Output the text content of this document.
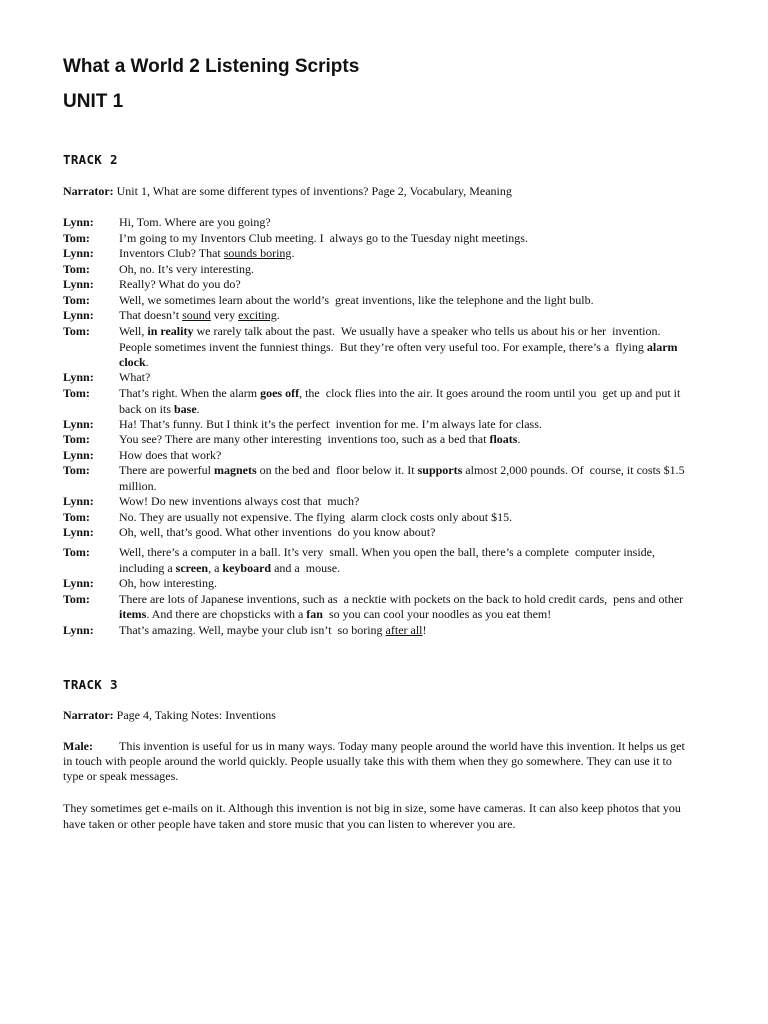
What a World 2 Listening Scripts
UNIT 1
TRACK 2
Narrator: Unit 1, What are some different types of inventions? Page 2, Vocabulary, Meaning
Lynn: Hi, Tom. Where are you going?
Tom: I’m going to my Inventors Club meeting. I  always go to the Tuesday night meetings.
Lynn: Inventors Club? That sounds boring.
Tom: Oh, no. It’s very interesting.
Lynn: Really? What do you do?
Tom: Well, we sometimes learn about the world’s  great inventions, like the telephone and the light bulb.
Lynn: That doesn’t sound very exciting.
Tom: Well, in reality we rarely talk about the past.  We usually have a speaker who tells us about his or her  invention.
People sometimes invent the funniest things.  But they’re often very useful too. For example, there’s a  flying alarm
clock.
Lynn: What?
Tom: That’s right. When the alarm goes off, the  clock flies into the air. It goes around the room until you  get up and put it
back on its base.
Lynn: Ha! That’s funny. But I think it’s the perfect  invention for me. I’m always late for class.
Tom: You see? There are many other interesting  inventions too, such as a bed that floats.
Lynn: How does that work?
Tom: There are powerful magnets on the bed and  floor below it. It supports almost 2,000 pounds. Of  course, it costs $1.5
million.
Lynn: Wow! Do new inventions always cost that  much?
Tom: No. They are usually not expensive. The flying  alarm clock costs only about $15.
Lynn: Oh, well, that’s good. What other inventions  do you know about?
Tom: Well, there’s a computer in a ball. It’s very  small. When you open the ball, there’s a complete  computer inside,
including a screen, a keyboard and a  mouse.
Lynn: Oh, how interesting.
Tom: There are lots of Japanese inventions, such as  a necktie with pockets on the back to hold credit cards,  pens and other
items. And there are chopsticks with a fan  so you can cool your noodles as you eat them!
Lynn: That’s amazing. Well, maybe your club isn’t  so boring after all!
TRACK 3
Narrator: Page 4, Taking Notes: Inventions
Male: This invention is useful for us in many ways. Today many people around the world have this invention. It helps us get
in touch with people around the world quickly. People usually take this with them when they go somewhere. They can use it to
type or speak messages.
They sometimes get e-mails on it. Although this invention is not big in size, some have cameras. It can also keep photos that you
have taken or other people have taken and store music that you can listen to wherever you are.
